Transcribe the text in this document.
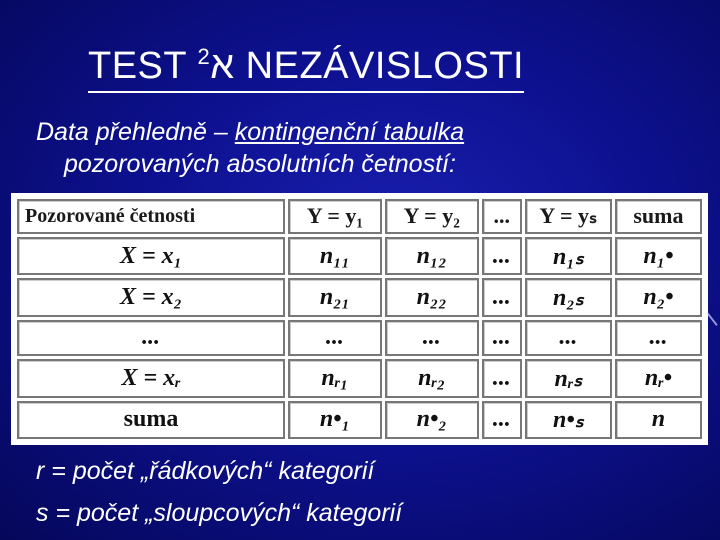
TEST א$^2$ NEZÁVISLOSTI
Data přehledně – kontingenční tabulka
pozorovaných absolutních četností:
Pozorované četnosti	Y = y₁	Y = y₂	...	Y = yₛ	suma
X = x₁	n₁₁	n₁₂	...	n₁ₛ	n₁•
X = x₂	n₂₁	n₂₂	...	n₂ₛ	n₂•
...	...	...	...	...	...
X = xᵣ	nᵣ₁	nᵣ₂	...	nᵣₛ	nᵣ•
suma	n•₁	n•₂	...	n•ₛ	n
r = počet „řádkových“ kategorií
s = počet „sloupcových“ kategorií
